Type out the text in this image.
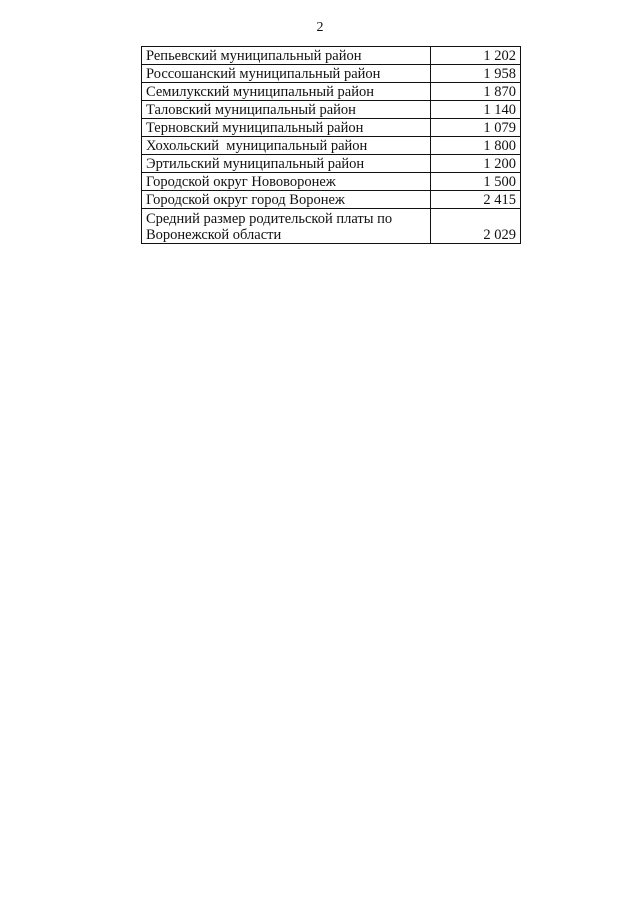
2
Репьевский муниципальный район	1 202
Россошанский муниципальный район	1 958
Семилукский муниципальный район	1 870
Таловский муниципальный район	1 140
Терновский муниципальный район	1 079
Хохольский  муниципальный район	1 800
Эртильский муниципальный район	1 200
Городской округ Нововоронеж	1 500
Городской округ город Воронеж	2 415

Средний размер родительской платы по
Воронежской области	2 029
